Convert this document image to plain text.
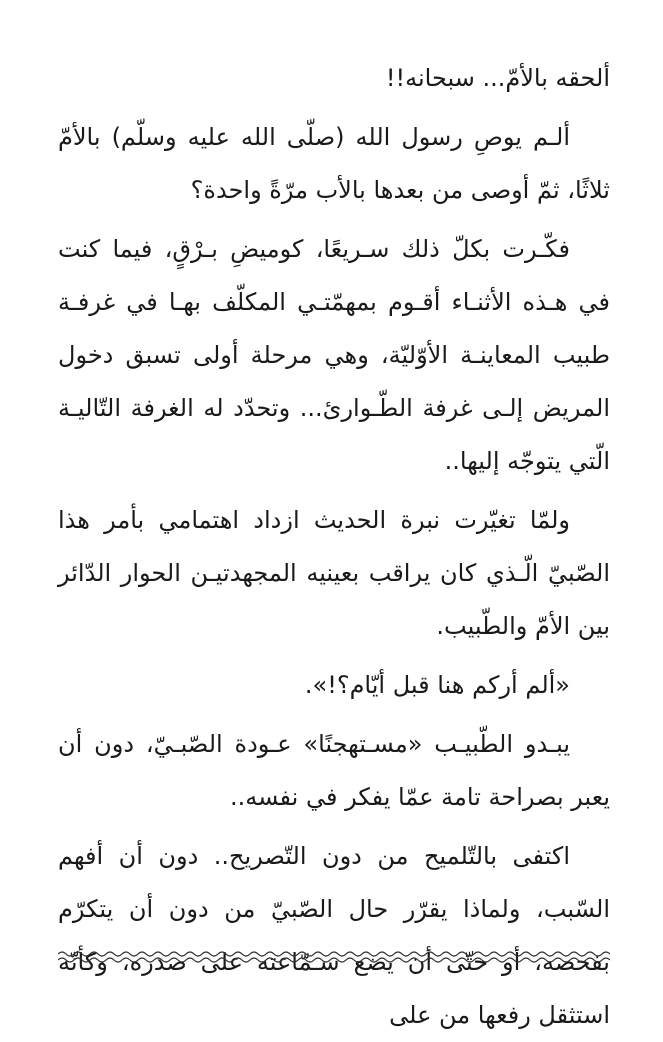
ألحقه بالأمّ... سبحانه!!

ألـم يوصِ رسول الله (صلّى الله عليه وسلّم) بالأمّ ثلاثًا، ثمّ أوصى من بعدها بالأب مرّةً واحدة؟

فكّـرت بكلّ ذلك سـريعًا، كوميضِ بـرْقٍ، فيما كنت في هـذه الأثنـاء أقـوم بمهمّتـي المكلّف بهـا في غرفـة طبيب المعاينـة الأوّليّة، وهي مرحلة أولى تسبق دخول المريض إلـى غرفة الطّـوارئ... وتحدّد له الغرفة التّاليـة الّتي يتوجّه إليها..

ولمّا تغيّرت نبرة الحديث ازداد اهتمامي بأمر هذا الصّبيّ الّـذي كان يراقب بعينيه المجهدتيـن الحوار الدّائر بين الأمّ والطّبيب.

«ألم أركم هنا قبل أيّام؟!».

يبـدو الطّبيـب «مسـتهجنًا» عـودة الصّبـيّ، دون أن يعبر بصراحة تامة عمّا يفكر في نفسه..

اكتفى بالتّلميح من دون التّصريح.. دون أن أفهم السّبب، ولماذا يقرّر حال الصّبيّ من دون أن يتكرّم بفحصه، أو حتّى أن يضع سـمّاعته على صدره، وكأنّه استثقل رفعها من على
